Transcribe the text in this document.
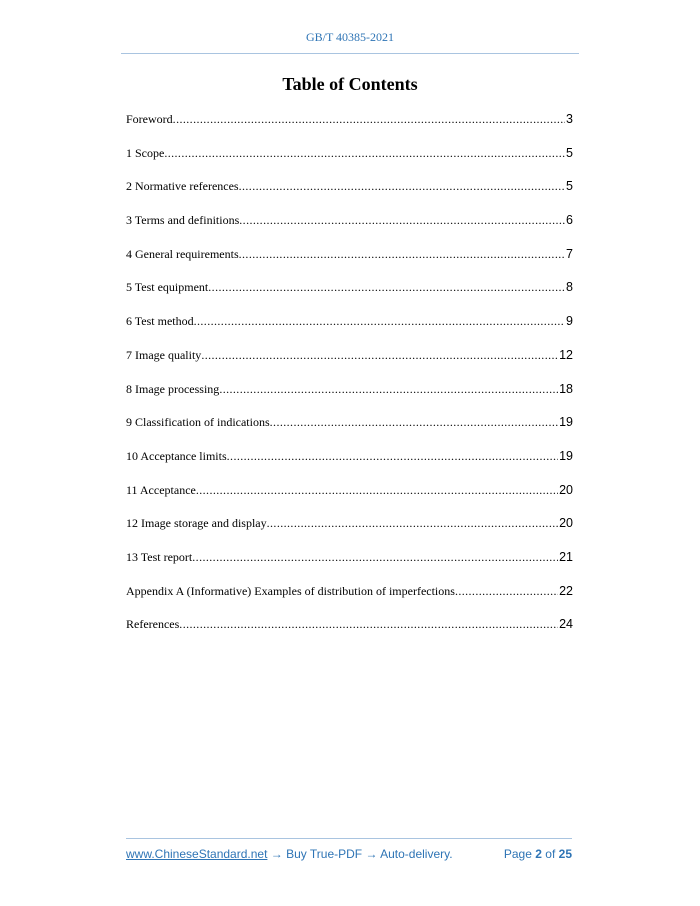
GB/T 40385-2021
Table of Contents
Foreword .....	3
1 Scope .....	5
2 Normative references .....	5
3 Terms and definitions .....	6
4 General requirements .....	7
5 Test equipment .....	8
6 Test method .....	9
7 Image quality .....	12
8 Image processing .....	18
9 Classification of indications .....	19
10 Acceptance limits .....	19
11 Acceptance .....	20
12 Image storage and display .....	20
13 Test report .....	21
Appendix A (Informative) Examples of distribution of imperfections .....	22
References .....	24
www.ChineseStandard.net → Buy True-PDF → Auto-delivery.	Page 2 of 25
